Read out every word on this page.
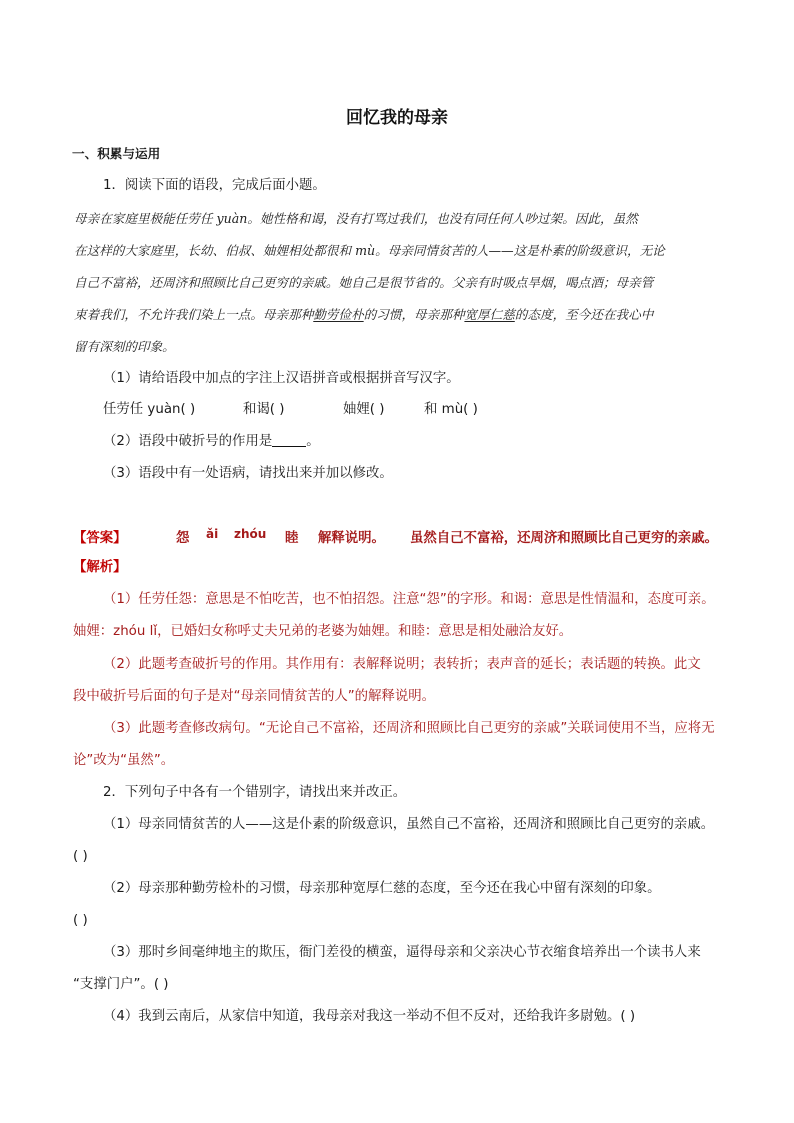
回忆我的母亲
一、积累与运用
1．阅读下面的语段，完成后面小题。
母亲在家庭里极能任劳任 yuàn。她性格和谒，没有打骂过我们，也没有同任何人吵过架。因此，虽然
在这样的大家庭里，长幼、伯叔、妯娌相处都很和 mù。母亲同情贫苦的人——这是朴素的阶级意识，无论
自己不富裕，还周济和照顾比自己更穷的亲戚。她自己是很节省的。父亲有时吸点旱烟，喝点酒；母亲管
束着我们，不允许我们染上一点。母亲那种勤劳俭朴的习惯，母亲那种宽厚仁慈的态度，至今还在我心中
留有深刻的印象。
（1）请给语段中加点的字注上汉语拼音或根据拼音写汉字。
任劳任 yuàn( )	和谒( )	妯娌( )	和 mù( )
（2）语段中破折号的作用是	。
（3）语段中有一处语病，请找出来并加以修改。
【答案】	怨 ǎi zhóu 睦 解释说明。 虽然自己不富裕，还周济和照顾比自己更穷的亲戚。
【解析】
（1）任劳任怨：意思是不怕吃苦，也不怕招怨。注意“怨”的字形。和谒：意思是性情温和，态度可亲。
妯娌：zhóu lǐ，已婚妇女称呼丈夫兄弟的老婆为妯娌。和睦：意思是相处融洽友好。
（2）此题考查破折号的作用。其作用有：表解释说明；表转折；表声音的延长；表话题的转换。此文
段中破折号后面的句子是对“母亲同情贫苦的人”的解释说明。
（3）此题考查修改病句。“无论自己不富裕，还周济和照顾比自己更穷的亲戚”关联词使用不当，应将无
论”改为“虽然”。
2．下列句子中各有一个错别字，请找出来并改正。
（1）母亲同情贫苦的人——这是仆素的阶级意识，虽然自己不富裕，还周济和照顾比自己更穷的亲戚。
( )
（2）母亲那种勤劳检朴的习惯，母亲那种宽厚仁慈的态度，至今还在我心中留有深刻的印象。
( )
（3）那时乡间毫绅地主的欺压，衙门差役的横蛮，逼得母亲和父亲决心节衣缩食培养出一个读书人来
“支撑门户”。( )
（4）我到云南后，从家信中知道，我母亲对我这一举动不但不反对，还给我许多尉勉。( )
